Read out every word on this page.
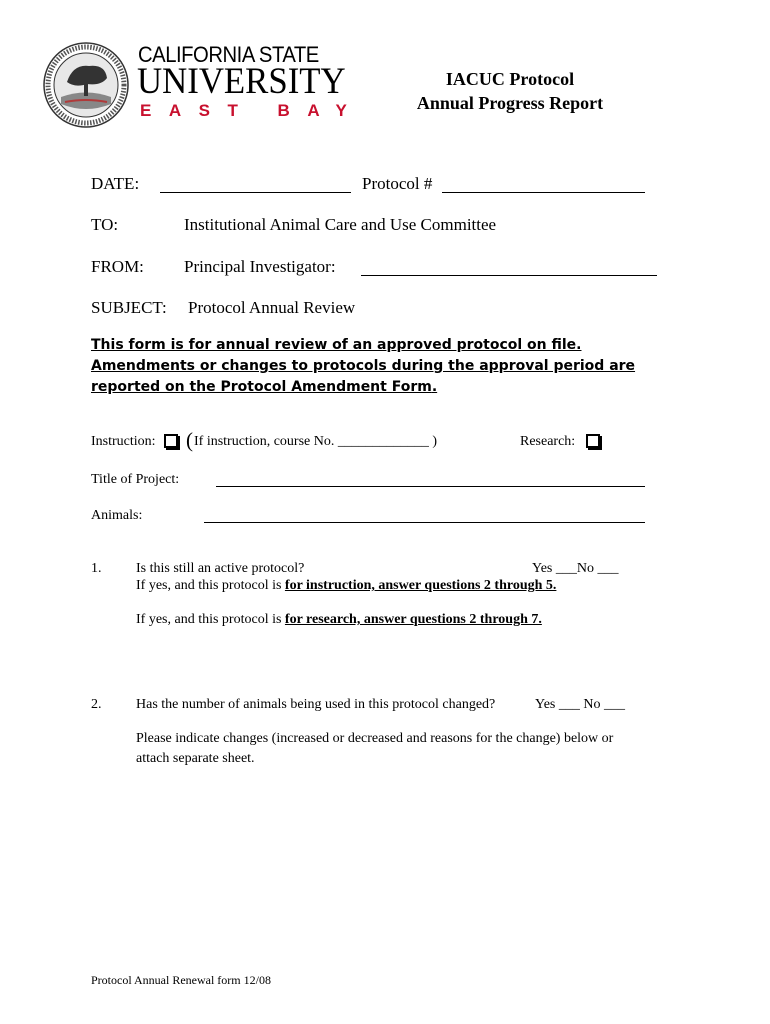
CALIFORNIA STATE
UNIVERSITY
EAST BAY
IACUC Protocol
Annual Progress Report
DATE:	Protocol #
TO:	Institutional Animal Care and Use Committee
FROM: Principal Investigator:
SUBJECT: Protocol Annual Review
This form is for annual review of an approved protocol on file.
Amendments or changes to protocols during the approval period are
reported on the Protocol Amendment Form.
Instruction: ( If instruction, course No. _____________ )	Research:
Title of Project:
Animals:
1. Is this still an active protocol?	Yes ___No ___
If yes, and this protocol is for instruction, answer questions 2 through 5.
If yes, and this protocol is for research, answer questions 2 through 7.
2. Has the number of animals being used in this protocol changed?	Yes ___ No ___
Please indicate changes (increased or decreased and reasons for the change) below or
attach separate sheet.
Protocol Annual Renewal form 12/08
